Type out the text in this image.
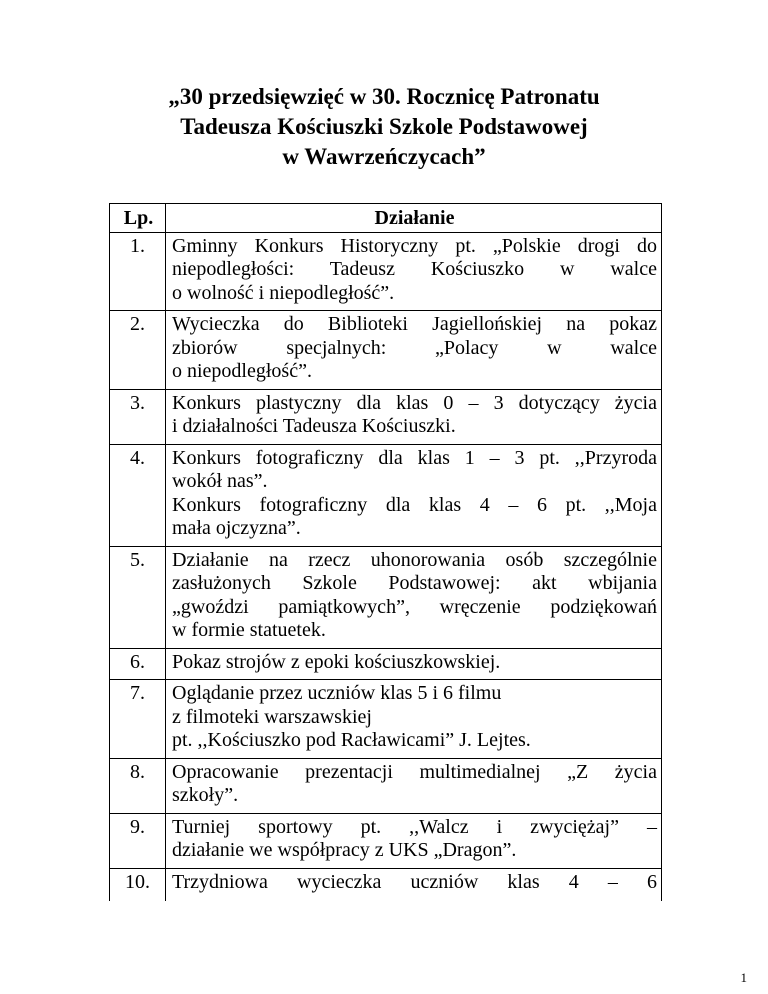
„30 przedsięwzięć w 30. Rocznicę Patronatu
Tadeusza Kościuszki Szkole Podstawowej
w Wawrzeńczycach”
Lp.	Działanie
1.	Gminny Konkurs Historyczny pt. „Polskie drogi do
niepodległości: Tadeusz Kościuszko w walce
o wolność i niepodległość”.

2.	Wycieczka do Biblioteki Jagiellońskiej na pokaz
zbiorów specjalnych: „Polacy w walce
o niepodległość”.

3.	Konkurs plastyczny dla klas 0 – 3 dotyczący życia
i działalności Tadeusza Kościuszki.

4.	Konkurs fotograficzny dla klas 1 – 3 pt. ,,Przyroda
wokół nas”.
Konkurs fotograficzny dla klas 4 – 6 pt. ,,Moja
mała ojczyzna”.

5.	Działanie na rzecz uhonorowania osób szczególnie
zasłużonych Szkole Podstawowej: akt wbijania
„gwoździ pamiątkowych”, wręczenie podziękowań
w formie statuetek.

6.	Pokaz strojów z epoki kościuszkowskiej.

7.	Oglądanie przez uczniów klas 5 i 6 filmu
z filmoteki warszawskiej
pt. ,,Kościuszko pod Racławicami” J. Lejtes.

8.	Opracowanie prezentacji multimedialnej „Z życia
szkoły”.

9.	Turniej sportowy pt. ,,Walcz i zwyciężaj” –
działanie we współpracy z UKS „Dragon”.

10.	Trzydniowa wycieczka uczniów klas 4 – 6
1
